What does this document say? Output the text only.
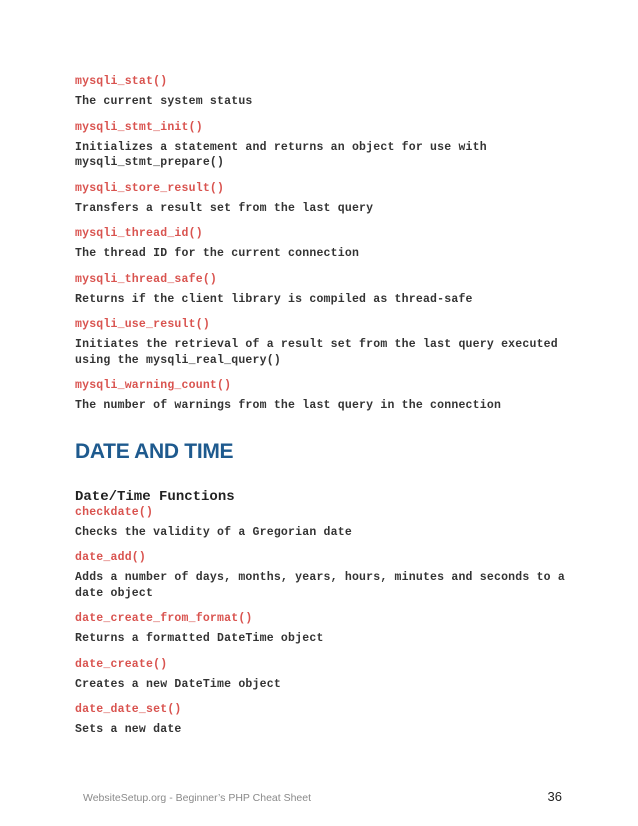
mysqli_stat()

The current system status

mysqli_stmt_init()

Initializes a statement and returns an object for use with mysqli_stmt_prepare()

mysqli_store_result()

Transfers a result set from the last query

mysqli_thread_id()

The thread ID for the current connection

mysqli_thread_safe()

Returns if the client library is compiled as thread-safe

mysqli_use_result()

Initiates the retrieval of a result set from the last query executed using the mysqli_real_query()

mysqli_warning_count()

The number of warnings from the last query in the connection

DATE AND TIME
Date/Time Functions

checkdate()

Checks the validity of a Gregorian date

date_add()

Adds a number of days, months, years, hours, minutes and seconds to a date object

date_create_from_format()

Returns a formatted DateTime object

date_create()

Creates a new DateTime object

date_date_set()

Sets a new date

WebsiteSetup.org - Beginner’s PHP Cheat Sheet	36
